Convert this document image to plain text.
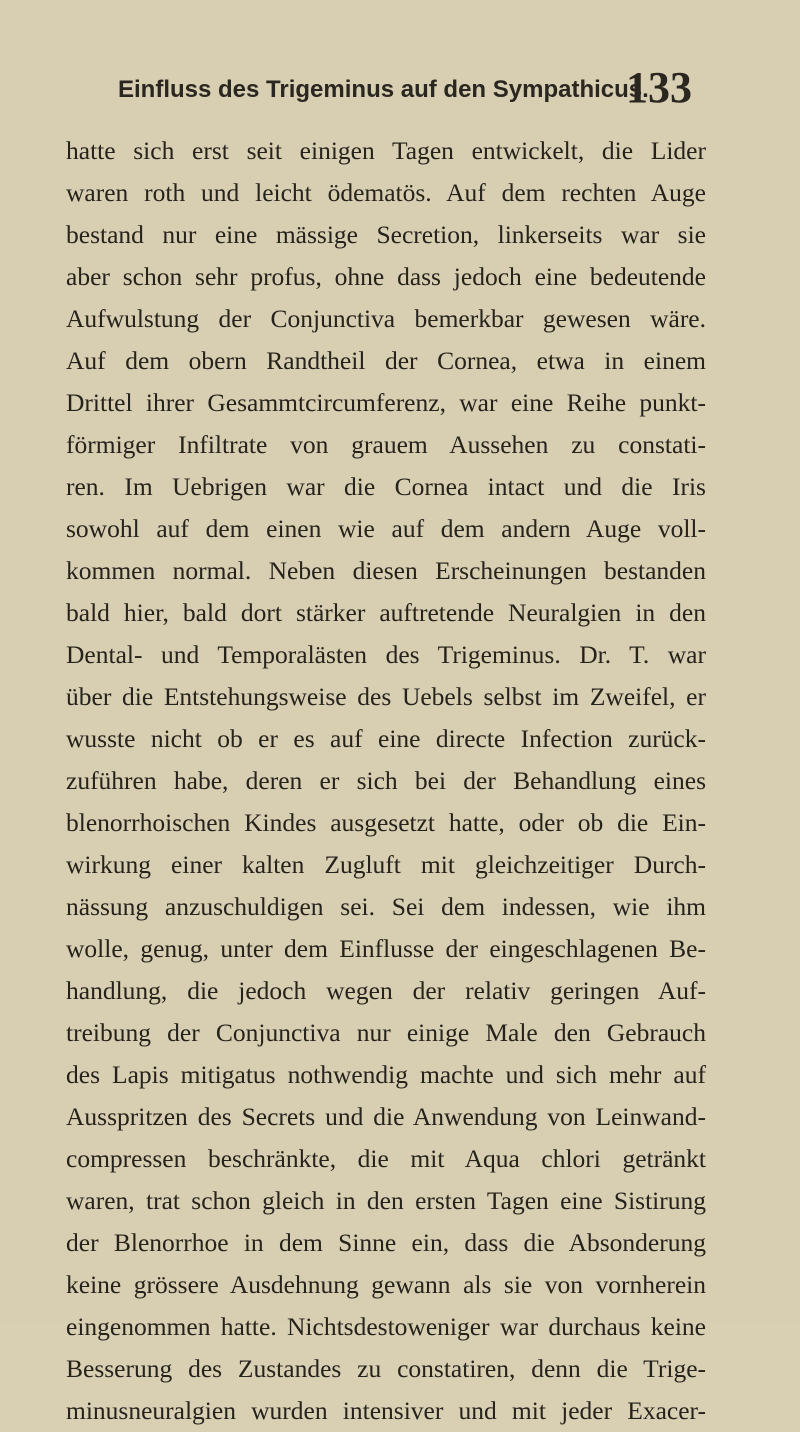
Einfluss des Trigeminus auf den Sympathicus.
133
hatte sich erst seit einigen Tagen entwickelt, die Lider
waren roth und leicht ödematös. Auf dem rechten Auge
bestand nur eine mässige Secretion, linkerseits war sie
aber schon sehr profus, ohne dass jedoch eine bedeutende
Aufwulstung der Conjunctiva bemerkbar gewesen wäre.
Auf dem obern Randtheil der Cornea, etwa in einem
Drittel ihrer Gesammtcircumferenz, war eine Reihe punkt-
förmiger Infiltrate von grauem Aussehen zu constati-
ren. Im Uebrigen war die Cornea intact und die Iris
sowohl auf dem einen wie auf dem andern Auge voll-
kommen normal. Neben diesen Erscheinungen bestanden
bald hier, bald dort stärker auftretende Neuralgien in den
Dental- und Temporalästen des Trigeminus. Dr. T. war
über die Entstehungsweise des Uebels selbst im Zweifel, er
wusste nicht ob er es auf eine directe Infection zurück-
zuführen habe, deren er sich bei der Behandlung eines
blenorrhoischen Kindes ausgesetzt hatte, oder ob die Ein-
wirkung einer kalten Zugluft mit gleichzeitiger Durch-
nässung anzuschuldigen sei. Sei dem indessen, wie ihm
wolle, genug, unter dem Einflusse der eingeschlagenen Be-
handlung, die jedoch wegen der relativ geringen Auf-
treibung der Conjunctiva nur einige Male den Gebrauch
des Lapis mitigatus nothwendig machte und sich mehr auf
Ausspritzen des Secrets und die Anwendung von Leinwand-
compressen beschränkte, die mit Aqua chlori getränkt
waren, trat schon gleich in den ersten Tagen eine Sistirung
der Blenorrhoe in dem Sinne ein, dass die Absonderung
keine grössere Ausdehnung gewann als sie von vornherein
eingenommen hatte. Nichtsdestoweniger war durchaus keine
Besserung des Zustandes zu constatiren, denn die Trige-
minusneuralgien wurden intensiver und mit jeder Exacer-
